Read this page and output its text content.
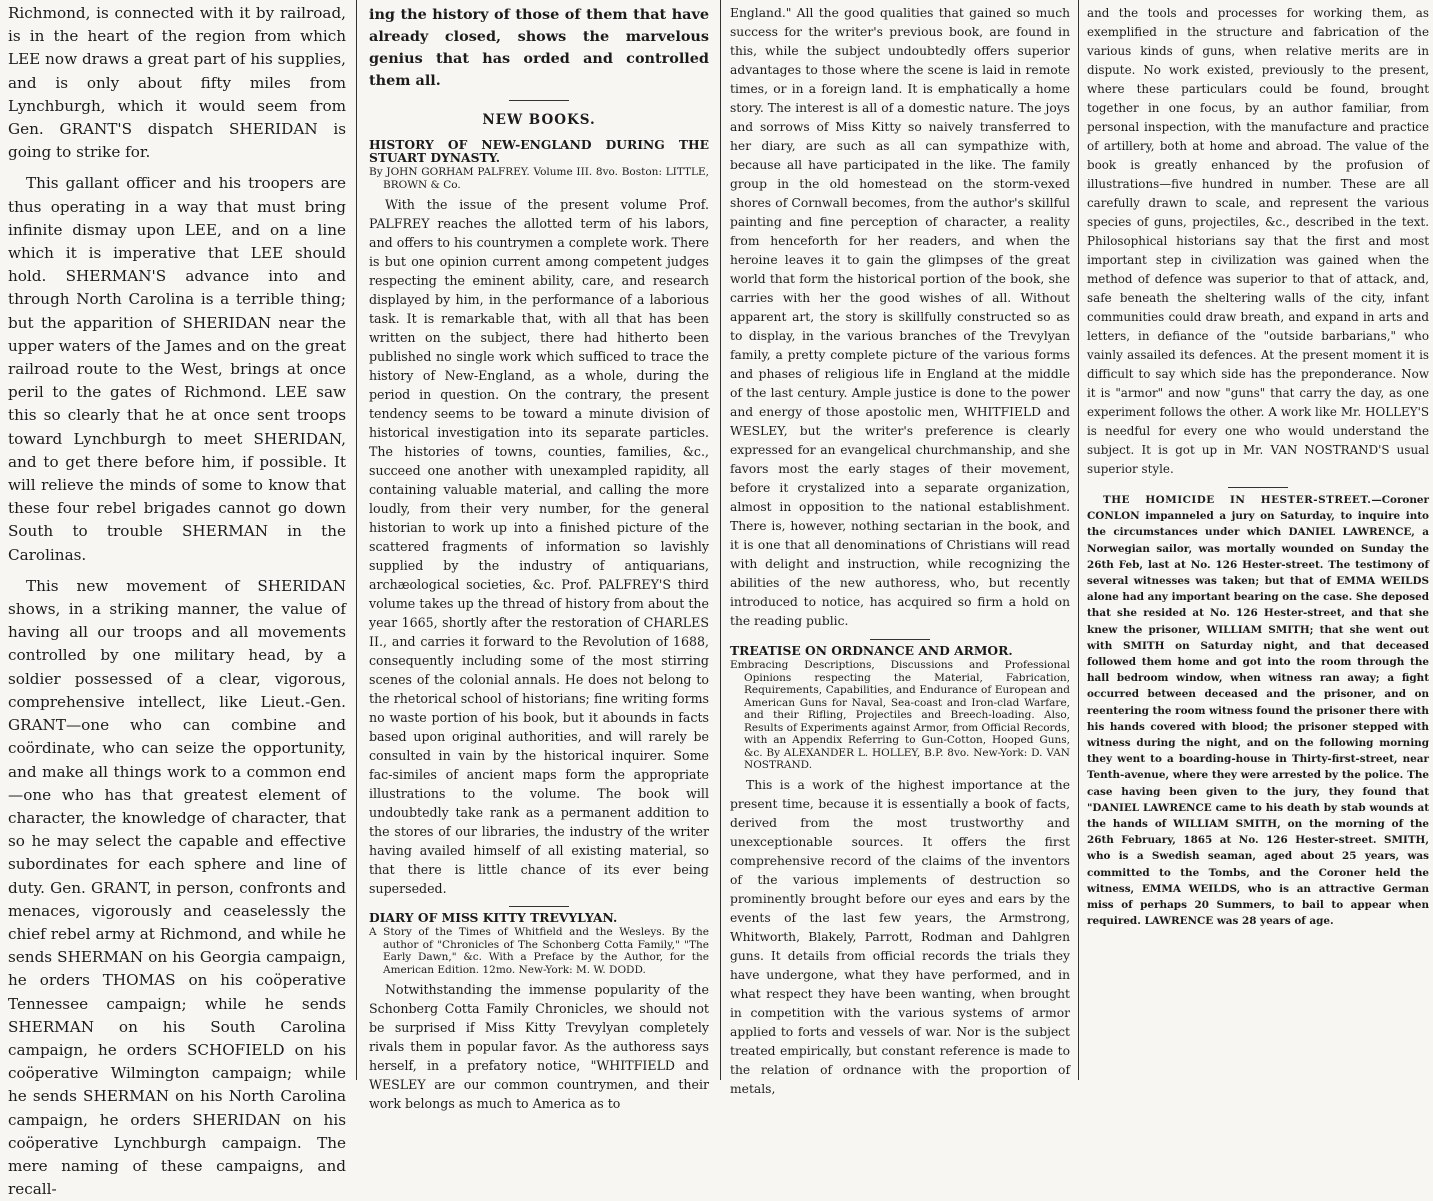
Richmond, is connected with it by railroad, is in the heart of the region from which LEE now draws a great part of his supplies, and is only about fifty miles from Lynchburgh, which it would seem from Gen. GRANT'S dispatch SHERIDAN is going to strike for.

This gallant officer and his troopers are thus operating in a way that must bring infinite dismay upon LEE, and on a line which it is imperative that LEE should hold. SHERMAN'S advance into and through North Carolina is a terrible thing; but the apparition of SHERIDAN near the upper waters of the James and on the great railroad route to the West, brings at once peril to the gates of Richmond. LEE saw this so clearly that he at once sent troops toward Lynchburgh to meet SHERIDAN, and to get there before him, if possible. It will relieve the minds of some to know that these four rebel brigades cannot go down South to trouble SHERMAN in the Carolinas.

This new movement of SHERIDAN shows, in a striking manner, the value of having all our troops and all movements controlled by one military head, by a soldier possessed of a clear, vigorous, comprehensive intellect, like Lieut.-Gen. GRANT—one who can combine and coördinate, who can seize the opportunity, and make all things work to a common end—one who has that greatest element of character, the knowledge of character, that so he may select the capable and effective subordinates for each sphere and line of duty. Gen. GRANT, in person, confronts and menaces, vigorously and ceaselessly the chief rebel army at Richmond, and while he sends SHERMAN on his Georgia campaign, he orders THOMAS on his coöperative Tennessee campaign; while he sends SHERMAN on his South Carolina campaign, he orders SCHOFIELD on his coöperative Wilmington campaign; while he sends SHERMAN on his North Carolina campaign, he orders SHERIDAN on his coöperative Lynchburgh campaign. The mere naming of these campaigns, and recall-

ing the history of those of them that have already closed, shows the marvelous genius that has orded and controlled them all.

NEW BOOKS.
HISTORY OF NEW-ENGLAND DURING THE STUART DYNASTY.
By JOHN GORHAM PALFREY. Volume III. 8vo. Boston: LITTLE, BROWN & Co.

With the issue of the present volume Prof. PALFREY reaches the allotted term of his labors, and offers to his countrymen a complete work. There is but one opinion current among competent judges respecting the eminent ability, care, and research displayed by him, in the performance of a laborious task. It is remarkable that, with all that has been written on the subject, there had hitherto been published no single work which sufficed to trace the history of New-England, as a whole, during the period in question. On the contrary, the present tendency seems to be toward a minute division of historical investigation into its separate particles. The histories of towns, counties, families, &c., succeed one another with unexampled rapidity, all containing valuable material, and calling the more loudly, from their very number, for the general historian to work up into a finished picture of the scattered fragments of information so lavishly supplied by the industry of antiquarians, archæological societies, &c. Prof. PALFREY'S third volume takes up the thread of history from about the year 1665, shortly after the restoration of CHARLES II., and carries it forward to the Revolution of 1688, consequently including some of the most stirring scenes of the colonial annals. He does not belong to the rhetorical school of historians; fine writing forms no waste portion of his book, but it abounds in facts based upon original authorities, and will rarely be consulted in vain by the historical inquirer. Some fac-similes of ancient maps form the appropriate illustrations to the volume. The book will undoubtedly take rank as a permanent addition to the stores of our libraries, the industry of the writer having availed himself of all existing material, so that there is little chance of its ever being superseded.

DIARY OF MISS KITTY TREVYLYAN.
A Story of the Times of Whitfield and the Wesleys. By the author of "Chronicles of The Schonberg Cotta Family," "The Early Dawn," &c. With a Preface by the Author, for the American Edition. 12mo. New-York: M. W. DODD.

Notwithstanding the immense popularity of the Schonberg Cotta Family Chronicles, we should not be surprised if Miss Kitty Trevylyan completely rivals them in popular favor. As the authoress says herself, in a prefatory notice, "WHITFIELD and WESLEY are our common countrymen, and their work belongs as much to America as to

England." All the good qualities that gained so much success for the writer's previous book, are found in this, while the subject undoubtedly offers superior advantages to those where the scene is laid in remote times, or in a foreign land. It is emphatically a home story. The interest is all of a domestic nature. The joys and sorrows of Miss Kitty so naively transferred to her diary, are such as all can sympathize with, because all have participated in the like. The family group in the old homestead on the storm-vexed shores of Cornwall becomes, from the author's skillful painting and fine perception of character, a reality from henceforth for her readers, and when the heroine leaves it to gain the glimpses of the great world that form the historical portion of the book, she carries with her the good wishes of all. Without apparent art, the story is skillfully constructed so as to display, in the various branches of the Trevylyan family, a pretty complete picture of the various forms and phases of religious life in England at the middle of the last century. Ample justice is done to the power and energy of those apostolic men, WHITFIELD and WESLEY, but the writer's preference is clearly expressed for an evangelical churchmanship, and she favors most the early stages of their movement, before it crystalized into a separate organization, almost in opposition to the national establishment. There is, however, nothing sectarian in the book, and it is one that all denominations of Christians will read with delight and instruction, while recognizing the abilities of the new authoress, who, but recently introduced to notice, has acquired so firm a hold on the reading public.

TREATISE ON ORDNANCE AND ARMOR.
Embracing Descriptions, Discussions and Professional Opinions respecting the Material, Fabrication, Requirements, Capabilities, and Endurance of European and American Guns for Naval, Sea-coast and Iron-clad Warfare, and their Rifling, Projectiles and Breech-loading. Also, Results of Experiments against Armor, from Official Records, with an Appendix Referring to Gun-Cotton, Hooped Guns, &c. By ALEXANDER L. HOLLEY, B.P. 8vo. New-York: D. VAN NOSTRAND.

This is a work of the highest importance at the present time, because it is essentially a book of facts, derived from the most trustworthy and unexceptionable sources. It offers the first comprehensive record of the claims of the inventors of the various implements of destruction so prominently brought before our eyes and ears by the events of the last few years, the Armstrong, Whitworth, Blakely, Parrott, Rodman and Dahlgren guns. It details from official records the trials they have undergone, what they have performed, and in what respect they have been wanting, when brought in competition with the various systems of armor applied to forts and vessels of war. Nor is the subject treated empirically, but constant reference is made to the relation of ordnance with the proportion of metals,

and the tools and processes for working them, as exemplified in the structure and fabrication of the various kinds of guns, when relative merits are in dispute. No work existed, previously to the present, where these particulars could be found, brought together in one focus, by an author familiar, from personal inspection, with the manufacture and practice of artillery, both at home and abroad. The value of the book is greatly enhanced by the profusion of illustrations—five hundred in number. These are all carefully drawn to scale, and represent the various species of guns, projectiles, &c., described in the text. Philosophical historians say that the first and most important step in civilization was gained when the method of defence was superior to that of attack, and, safe beneath the sheltering walls of the city, infant communities could draw breath, and expand in arts and letters, in defiance of the "outside barbarians," who vainly assailed its defences. At the present moment it is difficult to say which side has the preponderance. Now it is "armor" and now "guns" that carry the day, as one experiment follows the other. A work like Mr. HOLLEY'S is needful for every one who would understand the subject. It is got up in Mr. VAN NOSTRAND'S usual superior style.

THE HOMICIDE IN HESTER-STREET.—Coroner CONLON impanneled a jury on Saturday, to inquire into the circumstances under which DANIEL LAWRENCE, a Norwegian sailor, was mortally wounded on Sunday the 26th Feb, last at No. 126 Hester-street. The testimony of several witnesses was taken; but that of EMMA WEILDS alone had any important bearing on the case. She deposed that she resided at No. 126 Hester-street, and that she knew the prisoner, WILLIAM SMITH; that she went out with SMITH on Saturday night, and that deceased followed them home and got into the room through the hall bedroom window, when witness ran away; a fight occurred between deceased and the prisoner, and on reentering the room witness found the prisoner there with his hands covered with blood; the prisoner stepped with witness during the night, and on the following morning they went to a boarding-house in Thirty-first-street, near Tenth-avenue, where they were arrested by the police. The case having been given to the jury, they found that "DANIEL LAWRENCE came to his death by stab wounds at the hands of WILLIAM SMITH, on the morning of the 26th February, 1865 at No. 126 Hester-street. SMITH, who is a Swedish seaman, aged about 25 years, was committed to the Tombs, and the Coroner held the witness, EMMA WEILDS, who is an attractive German miss of perhaps 20 Summers, to bail to appear when required. LAWRENCE was 28 years of age.
